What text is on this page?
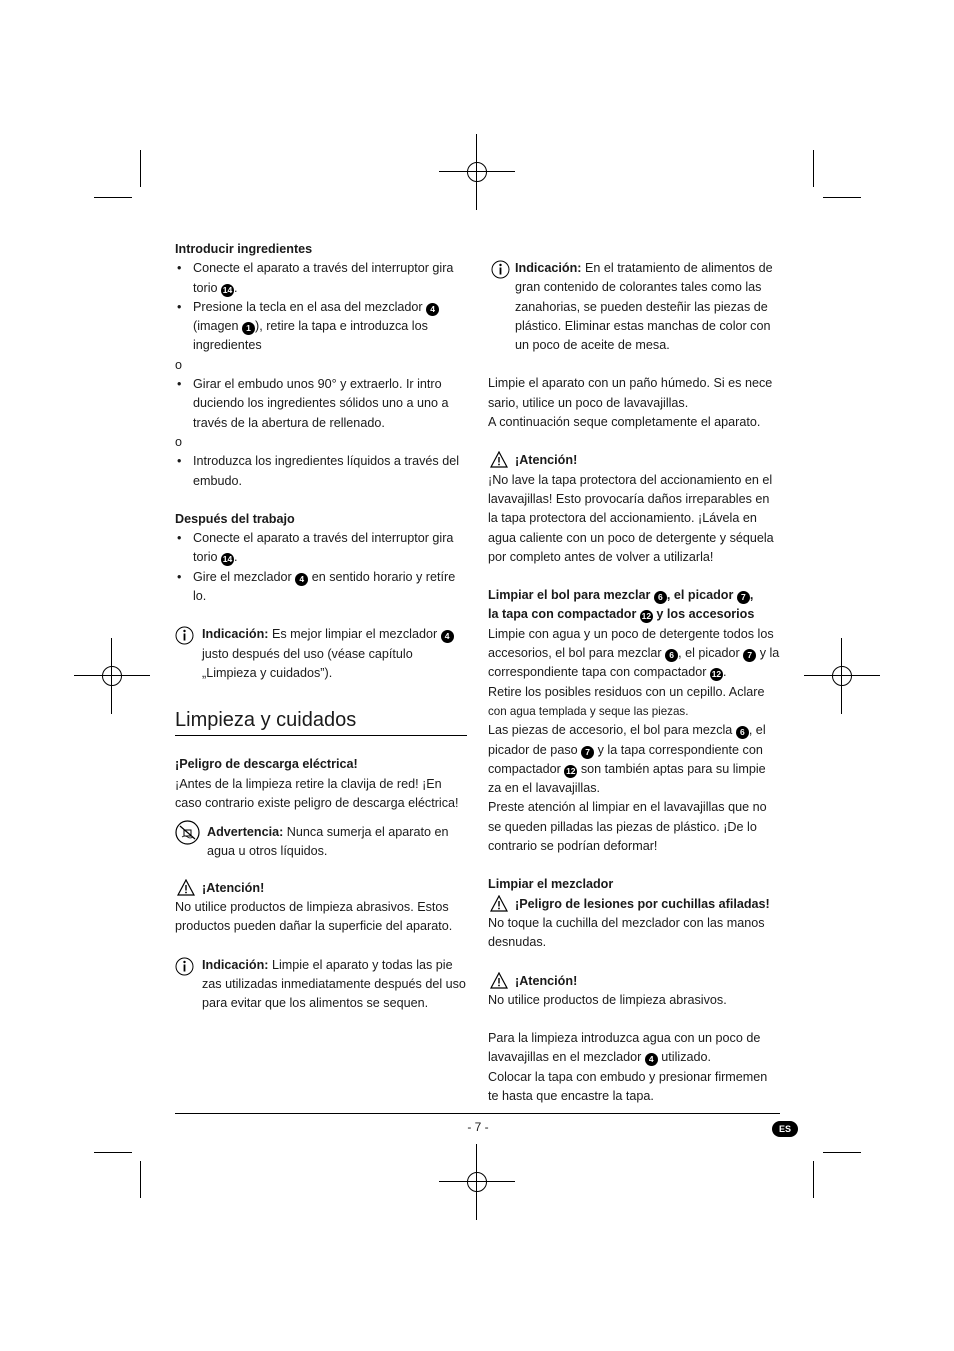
Introducir ingredientes
• Conecte el aparato a través del interruptor gira torio 14 .
• Presione la tecla en el asa del mezclador 4 (imagen 1 ), retire la tapa e introduzca los ingredientes
o
• Girar el embudo unos 90° y extraerlo. Ir intro duciendo los ingredientes sólidos uno a uno a través de la abertura de rellenado.
o
• Introduzca los ingredientes líquidos a través del embudo.
Después del trabajo
• Conecte el aparato a través del interruptor gira torio 14 .
• Gire el mezclador 4 en sentido horario y retíre lo.
Indicación: Es mejor limpiar el mezclador 4 justo después del uso (véase capítulo „Limpieza y cuidados”).
Limpieza y cuidados
¡Peligro de descarga eléctrica!
¡Antes de la limpieza retire la clavija de red! ¡En caso contrario existe peligro de descarga eléctrica!
Advertencia: Nunca sumerja el aparato en agua u otros líquidos.
¡Atención!
No utilice productos de limpieza abrasivos. Estos productos pueden dañar la superficie del aparato.
Indicación: Limpie el aparato y todas las pie zas utilizadas inmediatamente después del uso para evitar que los alimentos se sequen.
Indicación: En el tratamiento de alimentos de gran contenido de colorantes tales como las zanahorias, se pueden desteñir las piezas de plástico. Eliminar estas manchas de color con un poco de aceite de mesa.
Limpie el aparato con un paño húmedo. Si es nece sario, utilice un poco de lavavajillas.
A continuación seque completamente el aparato.
¡Atención!
¡No lave la tapa protectora del accionamiento en el lavavajillas! Esto provocaría daños irreparables en la tapa protectora del accionamiento. ¡Lávela en agua caliente con un poco de detergente y séquela por completo antes de volver a utilizarla!
Limpiar el bol para mezclar 6 , el picador 7 ,
la tapa con compactador 12 y los accesorios
Limpie con agua y un poco de detergente todos los accesorios, el bol para mezclar 6 , el picador 7 y la correspondiente tapa con compactador 12 .
Retire los posibles residuos con un cepillo. Aclare
con agua templada y seque las piezas.
Las piezas de accesorio, el bol para mezcla 6 , el picador de paso 7 y la tapa correspondiente con compactador 12 son también aptas para su limpie za en el lavavajillas.
Preste atención al limpiar en el lavavajillas que no se queden pilladas las piezas de plástico. ¡De lo contrario se podrían deformar!
Limpiar el mezclador
¡Peligro de lesiones por cuchillas afiladas!
No toque la cuchilla del mezclador con las manos desnudas.
¡Atención!
No utilice productos de limpieza abrasivos.
Para la limpieza introduzca agua con un poco de lavavajillas en el mezclador 4 utilizado.
Colocar la tapa con embudo y presionar firmemen te hasta que encastre la tapa.
- 7 -	ES
